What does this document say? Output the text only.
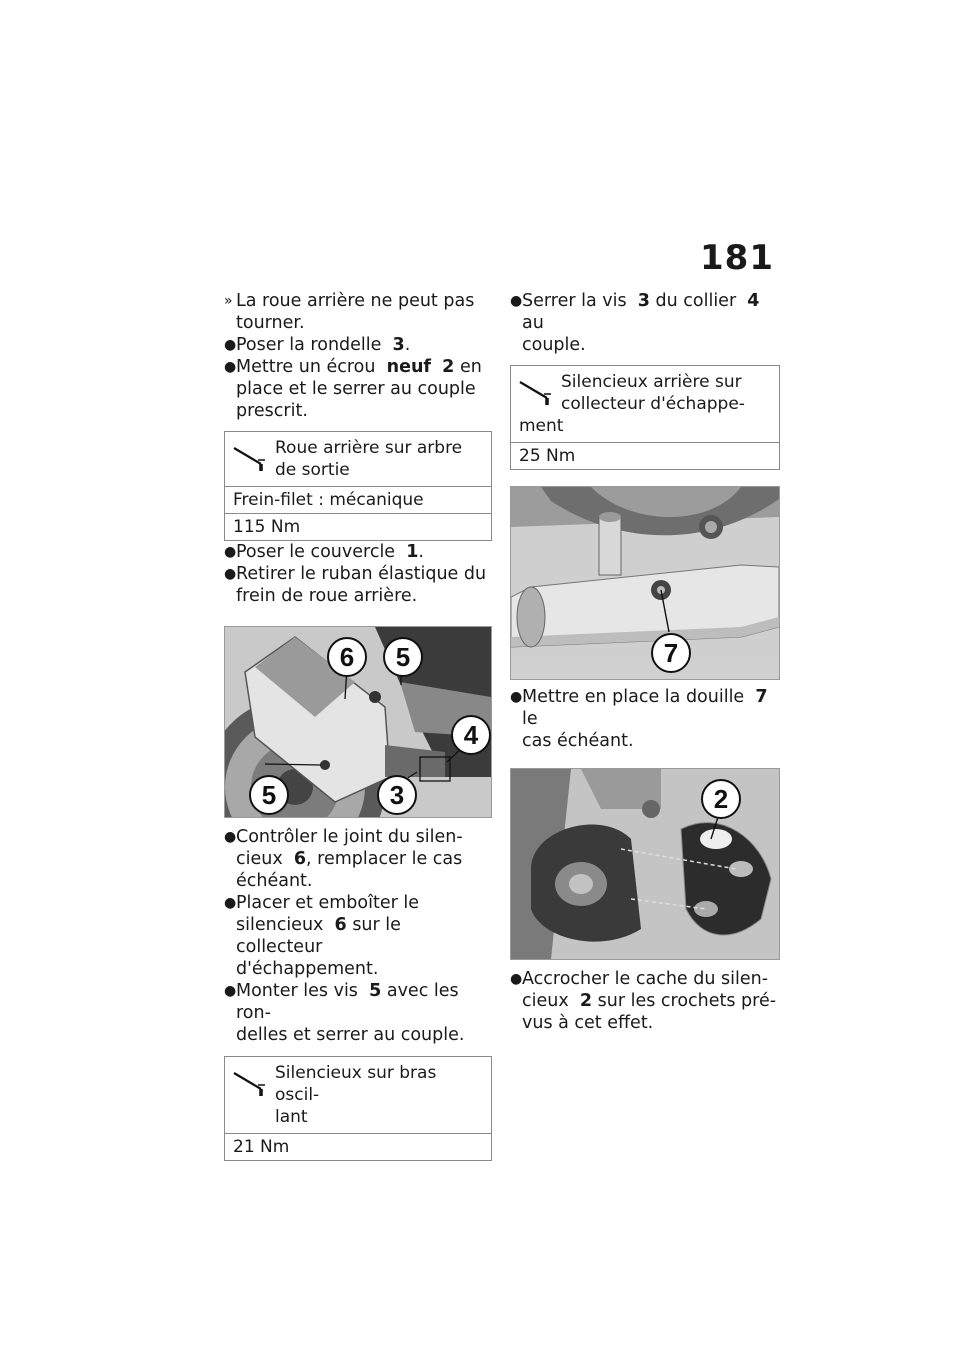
181
» La roue arrière ne peut pas
tourner.
● Poser la rondelle 3.
● Mettre un écrou neuf 2 en
place et le serrer au couple
prescrit.
Roue arrière sur arbre
de sortie
Frein-filet : mécanique
115 Nm
● Poser le couvercle 1.
● Retirer le ruban élastique du
frein de roue arrière.
6	5
4
5	3
● Contrôler le joint du silen-
cieux 6, remplacer le cas
échéant.
● Placer et emboîter le
silencieux 6 sur le collecteur
d'échappement.
● Monter les vis 5 avec les ron-
delles et serrer au couple.
Silencieux sur bras oscil-
lant
21 Nm
● Serrer la vis 3 du collier 4 au
couple.
Silencieux arrière sur
collecteur d'échappe-
ment
25 Nm
7
● Mettre en place la douille 7 le
cas échéant.
2
● Accrocher le cache du silen-
cieux 2 sur les crochets pré-
vus à cet effet.
